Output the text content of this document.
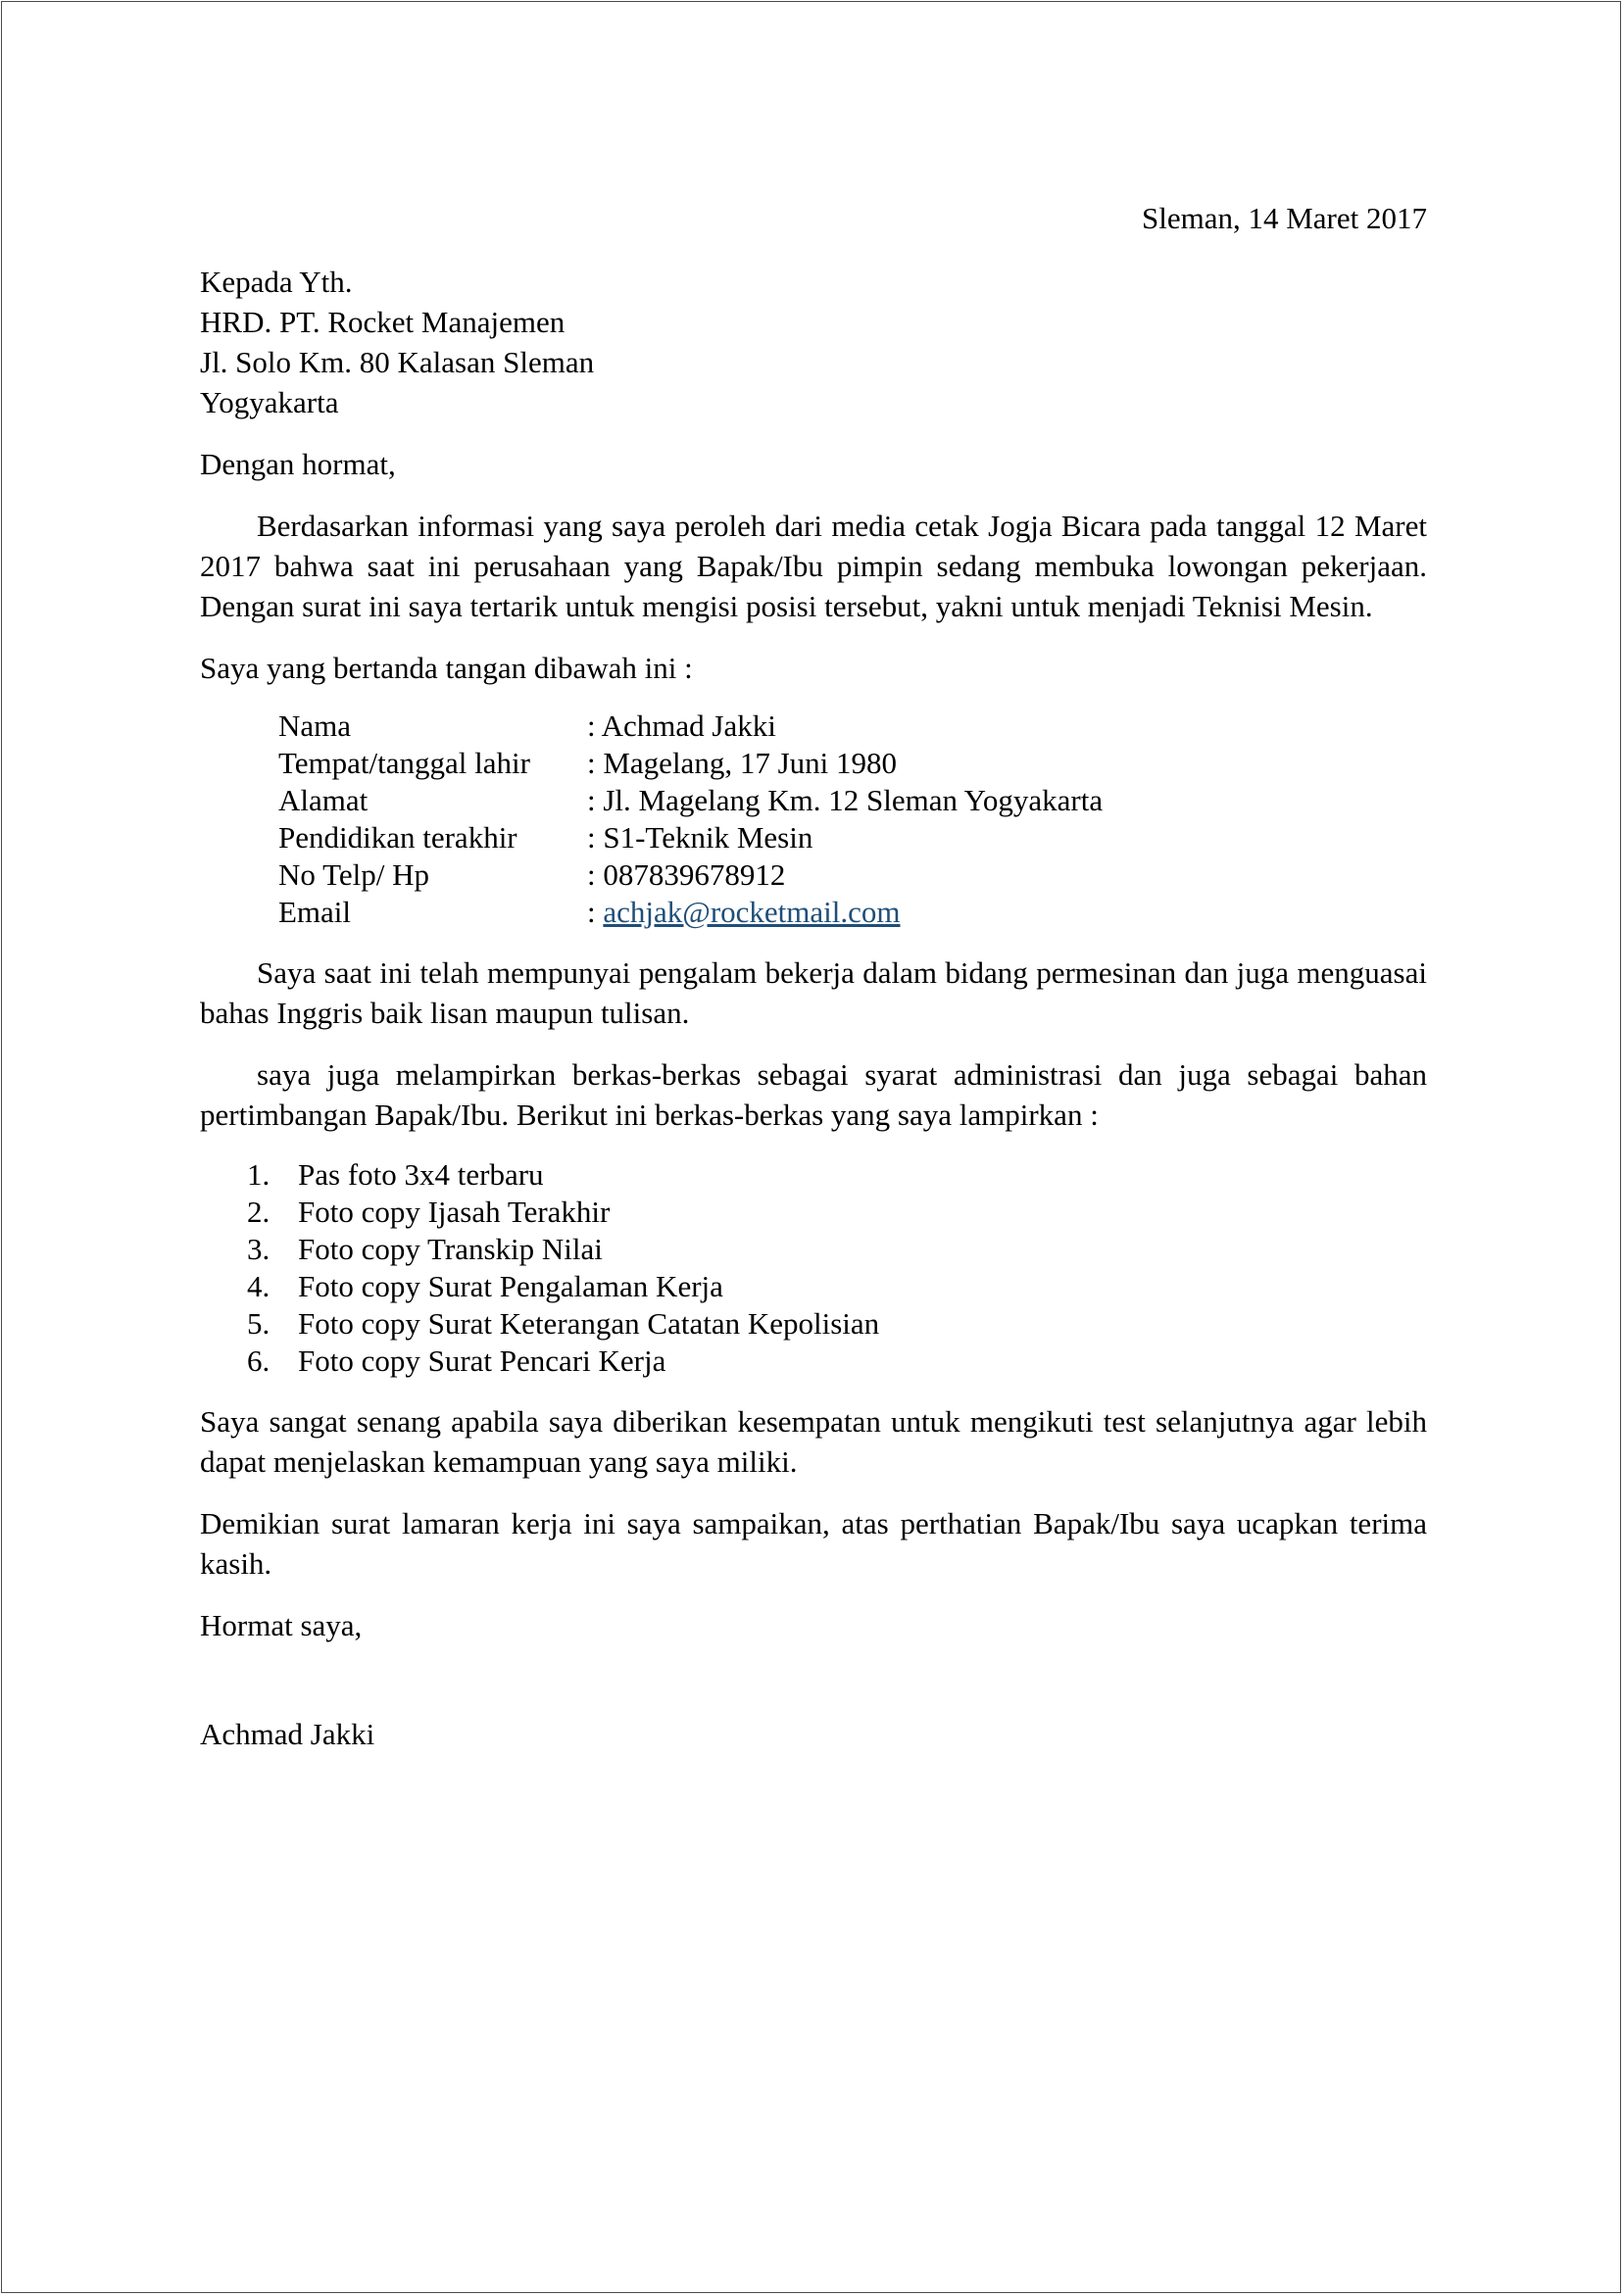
Sleman, 14 Maret 2017

Kepada Yth.

HRD. PT. Rocket Manajemen

Jl. Solo Km. 80 Kalasan Sleman

Yogyakarta

Dengan hormat,

Berdasarkan informasi yang saya peroleh dari media cetak Jogja Bicara pada tanggal 12 Maret 2017 bahwa saat ini perusahaan yang Bapak/Ibu pimpin sedang membuka lowongan pekerjaan. Dengan surat ini saya tertarik untuk mengisi posisi tersebut, yakni untuk menjadi Teknisi Mesin.

Saya yang bertanda tangan dibawah ini :

Nama	: Achmad Jakki
Tempat/tanggal lahir	: Magelang, 17 Juni 1980
Alamat	: Jl. Magelang Km. 12 Sleman Yogyakarta
Pendidikan terakhir	: S1-Teknik Mesin
No Telp/ Hp	: 087839678912
Email	: achjak@rocketmail.com

Saya saat ini telah mempunyai pengalam bekerja dalam bidang permesinan dan juga menguasai bahas Inggris baik lisan maupun tulisan.

saya juga melampirkan berkas-berkas sebagai syarat administrasi dan juga sebagai bahan pertimbangan Bapak/Ibu. Berikut ini berkas-berkas yang saya lampirkan :

1. Pas foto 3x4 terbaru
2. Foto copy Ijasah Terakhir
3. Foto copy Transkip Nilai
4. Foto copy Surat Pengalaman Kerja
5. Foto copy Surat Keterangan Catatan Kepolisian
6. Foto copy Surat Pencari Kerja

Saya sangat senang apabila saya diberikan kesempatan untuk mengikuti test selanjutnya agar lebih dapat menjelaskan kemampuan yang saya miliki.

Demikian surat lamaran kerja ini saya sampaikan, atas perthatian Bapak/Ibu saya ucapkan terima kasih.

Hormat saya,

Achmad Jakki
